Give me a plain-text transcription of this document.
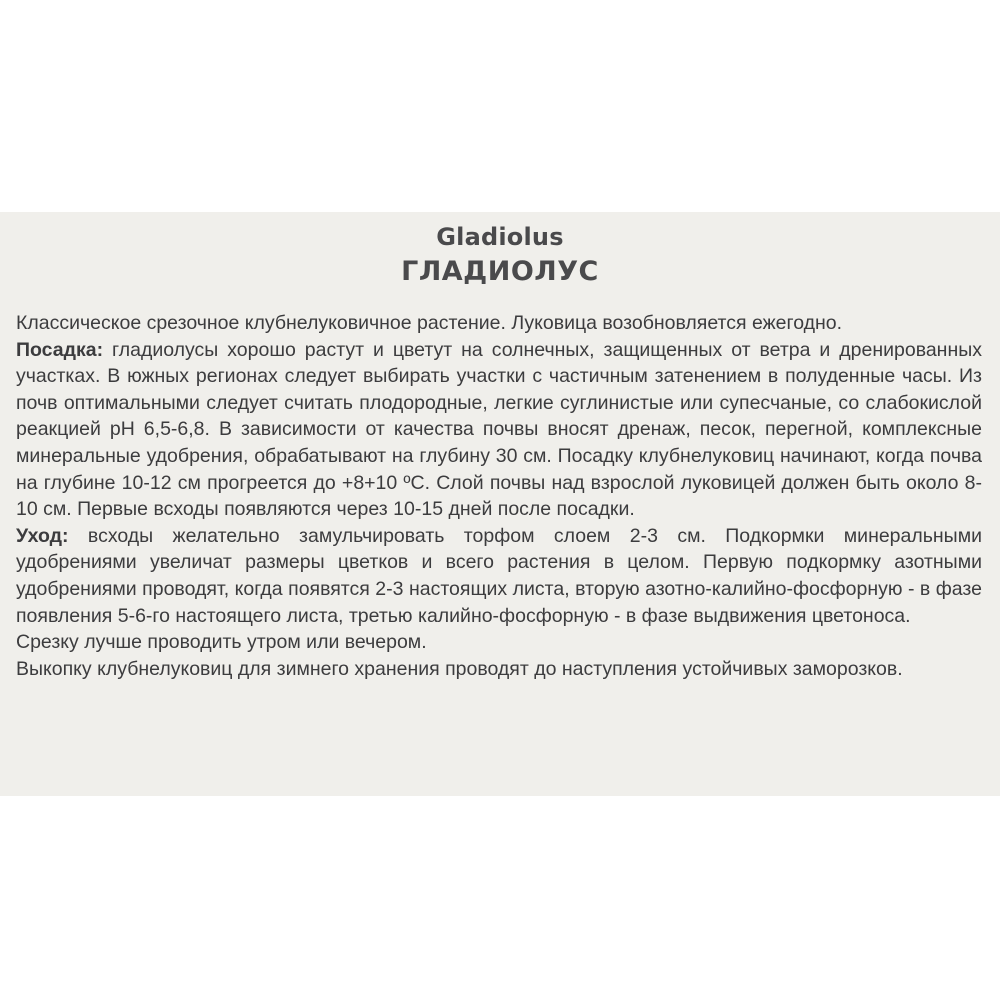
Gladiolus
ГЛАДИОЛУС

Классическое срезочное клубнелуковичное растение. Луковица возобновляется ежегодно.

Посадка: гладиолусы хорошо растут и цветут на солнечных, защищенных от ветра и дренированных участках. В южных регионах следует выбирать участки с частичным затенением в полуденные часы. Из почв оптимальными следует считать плодородные, легкие суглинистые или супесчаные, со слабокислой реакцией pH 6,5-6,8. В зависимости от качества почвы вносят дренаж, песок, перегной, комплексные минеральные удобрения, обрабатывают на глубину 30 см. Посадку клубнелуковиц начинают, когда почва на глубине 10-12 см прогреется до +8+10 ºС. Слой почвы над взрослой луковицей должен быть около 8-10 см. Первые всходы появляются через 10-15 дней после посадки.

Уход: всходы желательно замульчировать торфом слоем 2-3 см. Подкормки минеральными удобрениями увеличат размеры цветков и всего растения в целом. Первую подкормку азотными удобрениями проводят, когда появятся 2-3 настоящих листа, вторую азотно-калийно-фосфорную - в фазе появления 5-6-го настоящего листа, третью калийно-фосфорную - в фазе выдвижения цветоноса.

Срезку лучше проводить утром или вечером.

Выкопку клубнелуковиц для зимнего хранения проводят до наступления устойчивых заморозков.
